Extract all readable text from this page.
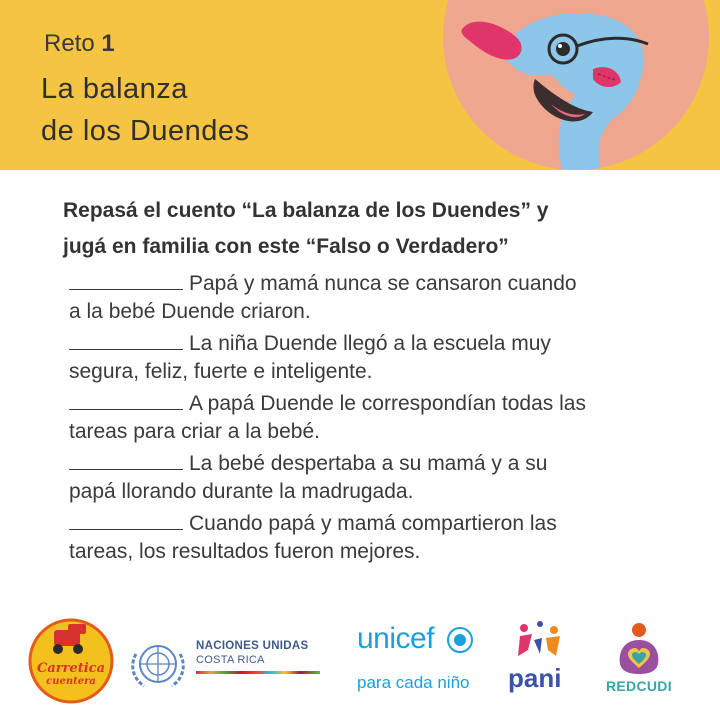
Reto 1
La balanza
de los Duendes
Repasá el cuento “La balanza de los Duendes” y
jugá en familia con este “Falso o Verdadero”
Papá y mamá nunca se cansaron cuando
a la bebé Duende criaron.
La niña Duende llegó a la escuela muy
segura, feliz, fuerte e inteligente.
A papá Duende le correspondían todas las
tareas para criar a la bebé.
La bebé despertaba a su mamá y a su
papá llorando durante la madrugada.
Cuando papá y mamá compartieron las
tareas, los resultados fueron mejores.
Carretica
cuentera
NACIONES UNIDAS
COSTA RICA
unicef
para cada niño pani	REDCUDI
